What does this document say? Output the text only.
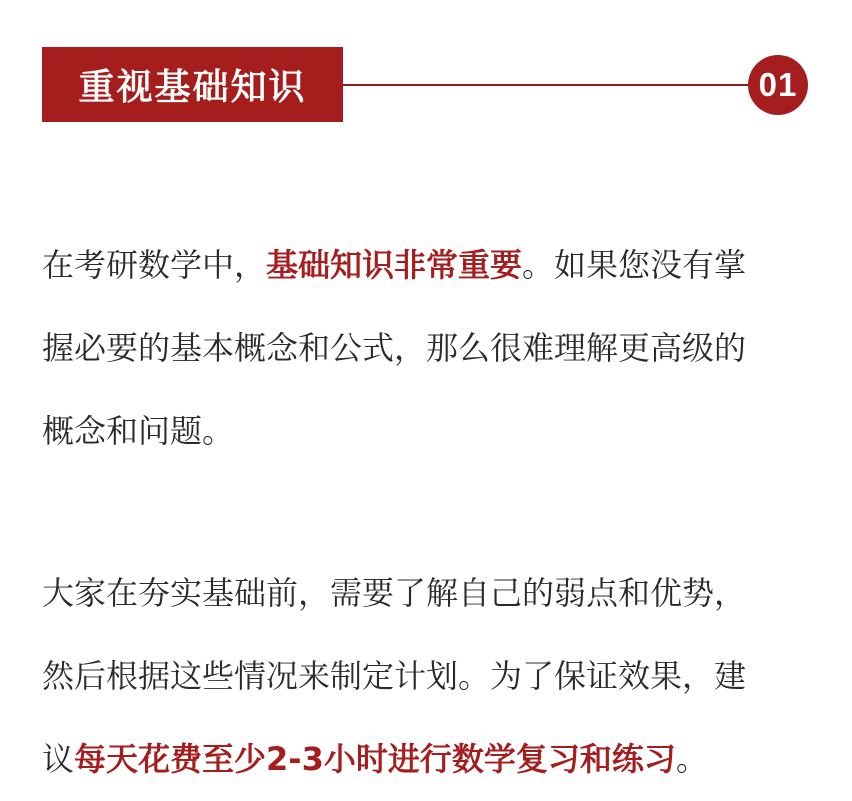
重视基础知识	01

在考研数学中，基础知识非常重要。如果您没有掌
握必要的基本概念和公式，那么很难理解更高级的
概念和问题。

大家在夯实基础前，需要了解自己的弱点和优势，
然后根据这些情况来制定计划。为了保证效果，建
议每天花费至少2-3小时进行数学复习和练习。
